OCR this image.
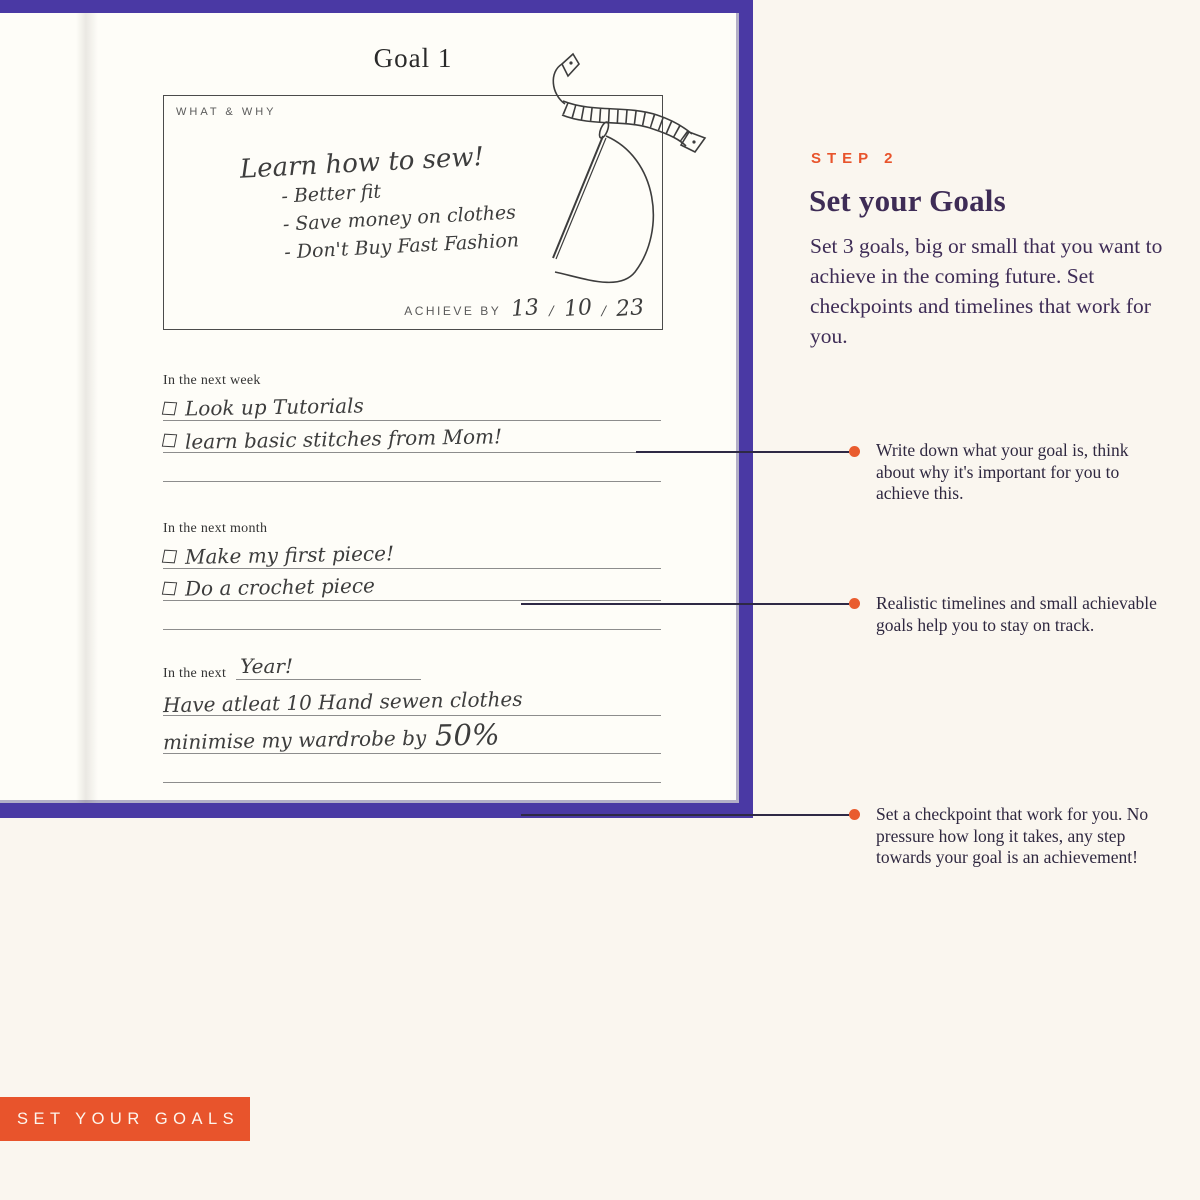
Goal 1
WHAT & WHY
Learn how to sew!
- Better fit
- Save money on clothes
- Don't Buy Fast Fashion
ACHIEVE BY 13 / 10 / 23
In the next week
Look up Tutorials
learn basic stitches from Mom!
In the next month
Make my first piece!
Do a crochet piece
In the next Year!
Have atleat 10 Hand sewen clothes
minimise my wardrobe by 50%
STEP 2
Set your Goals

Set 3 goals, big or small that you want to achieve in the coming future. Set checkpoints and timelines that work for you.

Write down what your goal is, think about why it's important for you to achieve this.
Realistic timelines and small achievable goals help you to stay on track.
Set a checkpoint that work for you. No pressure how long it takes, any step towards your goal is an achievement!
SET YOUR GOALS
